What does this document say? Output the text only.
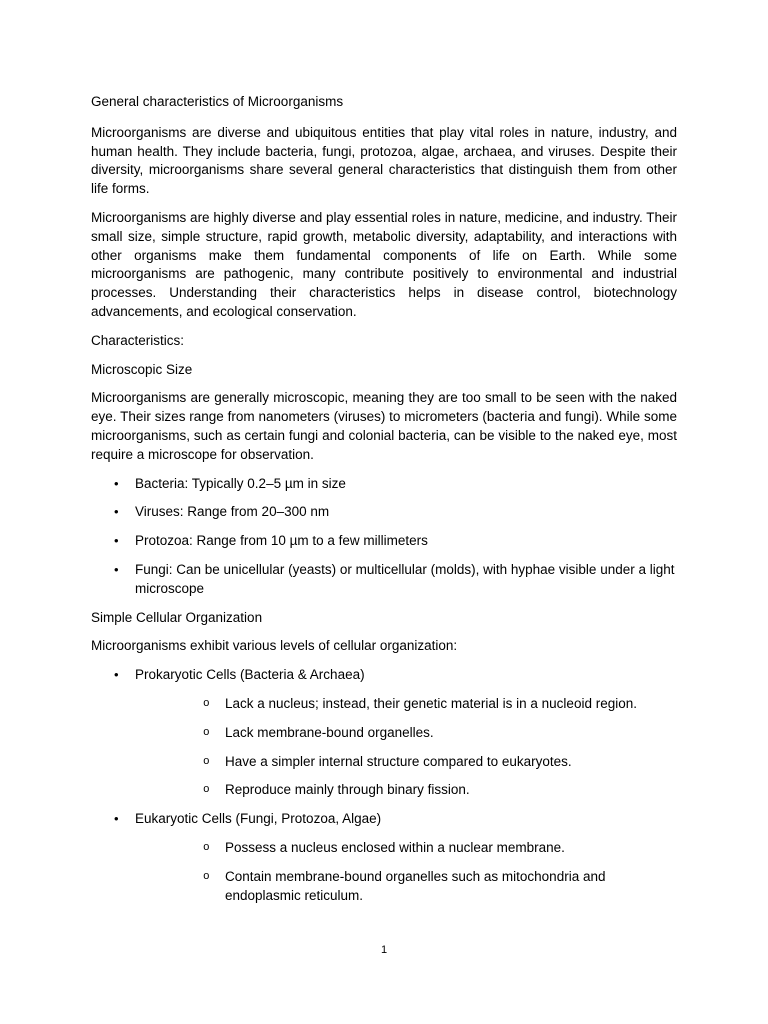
General characteristics of Microorganisms

Microorganisms are diverse and ubiquitous entities that play vital roles in nature, industry, and human health. They include bacteria, fungi, protozoa, algae, archaea, and viruses. Despite their diversity, microorganisms share several general characteristics that distinguish them from other life forms.

Microorganisms are highly diverse and play essential roles in nature, medicine, and industry. Their small size, simple structure, rapid growth, metabolic diversity, adaptability, and interactions with other organisms make them fundamental components of life on Earth. While some microorganisms are pathogenic, many contribute positively to environmental and industrial processes. Understanding their characteristics helps in disease control, biotechnology advancements, and ecological conservation.

Characteristics:
Microscopic Size

Microorganisms are generally microscopic, meaning they are too small to be seen with the naked eye. Their sizes range from nanometers (viruses) to micrometers (bacteria and fungi). While some microorganisms, such as certain fungi and colonial bacteria, can be visible to the naked eye, most require a microscope for observation.

• Bacteria: Typically 0.2–5 µm in size
• Viruses: Range from 20–300 nm
• Protozoa: Range from 10 µm to a few millimeters
• Fungi: Can be unicellular (yeasts) or multicellular (molds), with hyphae visible under a light microscope
Simple Cellular Organization
Microorganisms exhibit various levels of cellular organization:
• Prokaryotic Cells (Bacteria & Archaea)
o Lack a nucleus; instead, their genetic material is in a nucleoid region.
o Lack membrane-bound organelles.
o Have a simpler internal structure compared to eukaryotes.
o Reproduce mainly through binary fission.
• Eukaryotic Cells (Fungi, Protozoa, Algae)
o Possess a nucleus enclosed within a nuclear membrane.
o Contain membrane-bound organelles such as mitochondria and endoplasmic reticulum.
1
